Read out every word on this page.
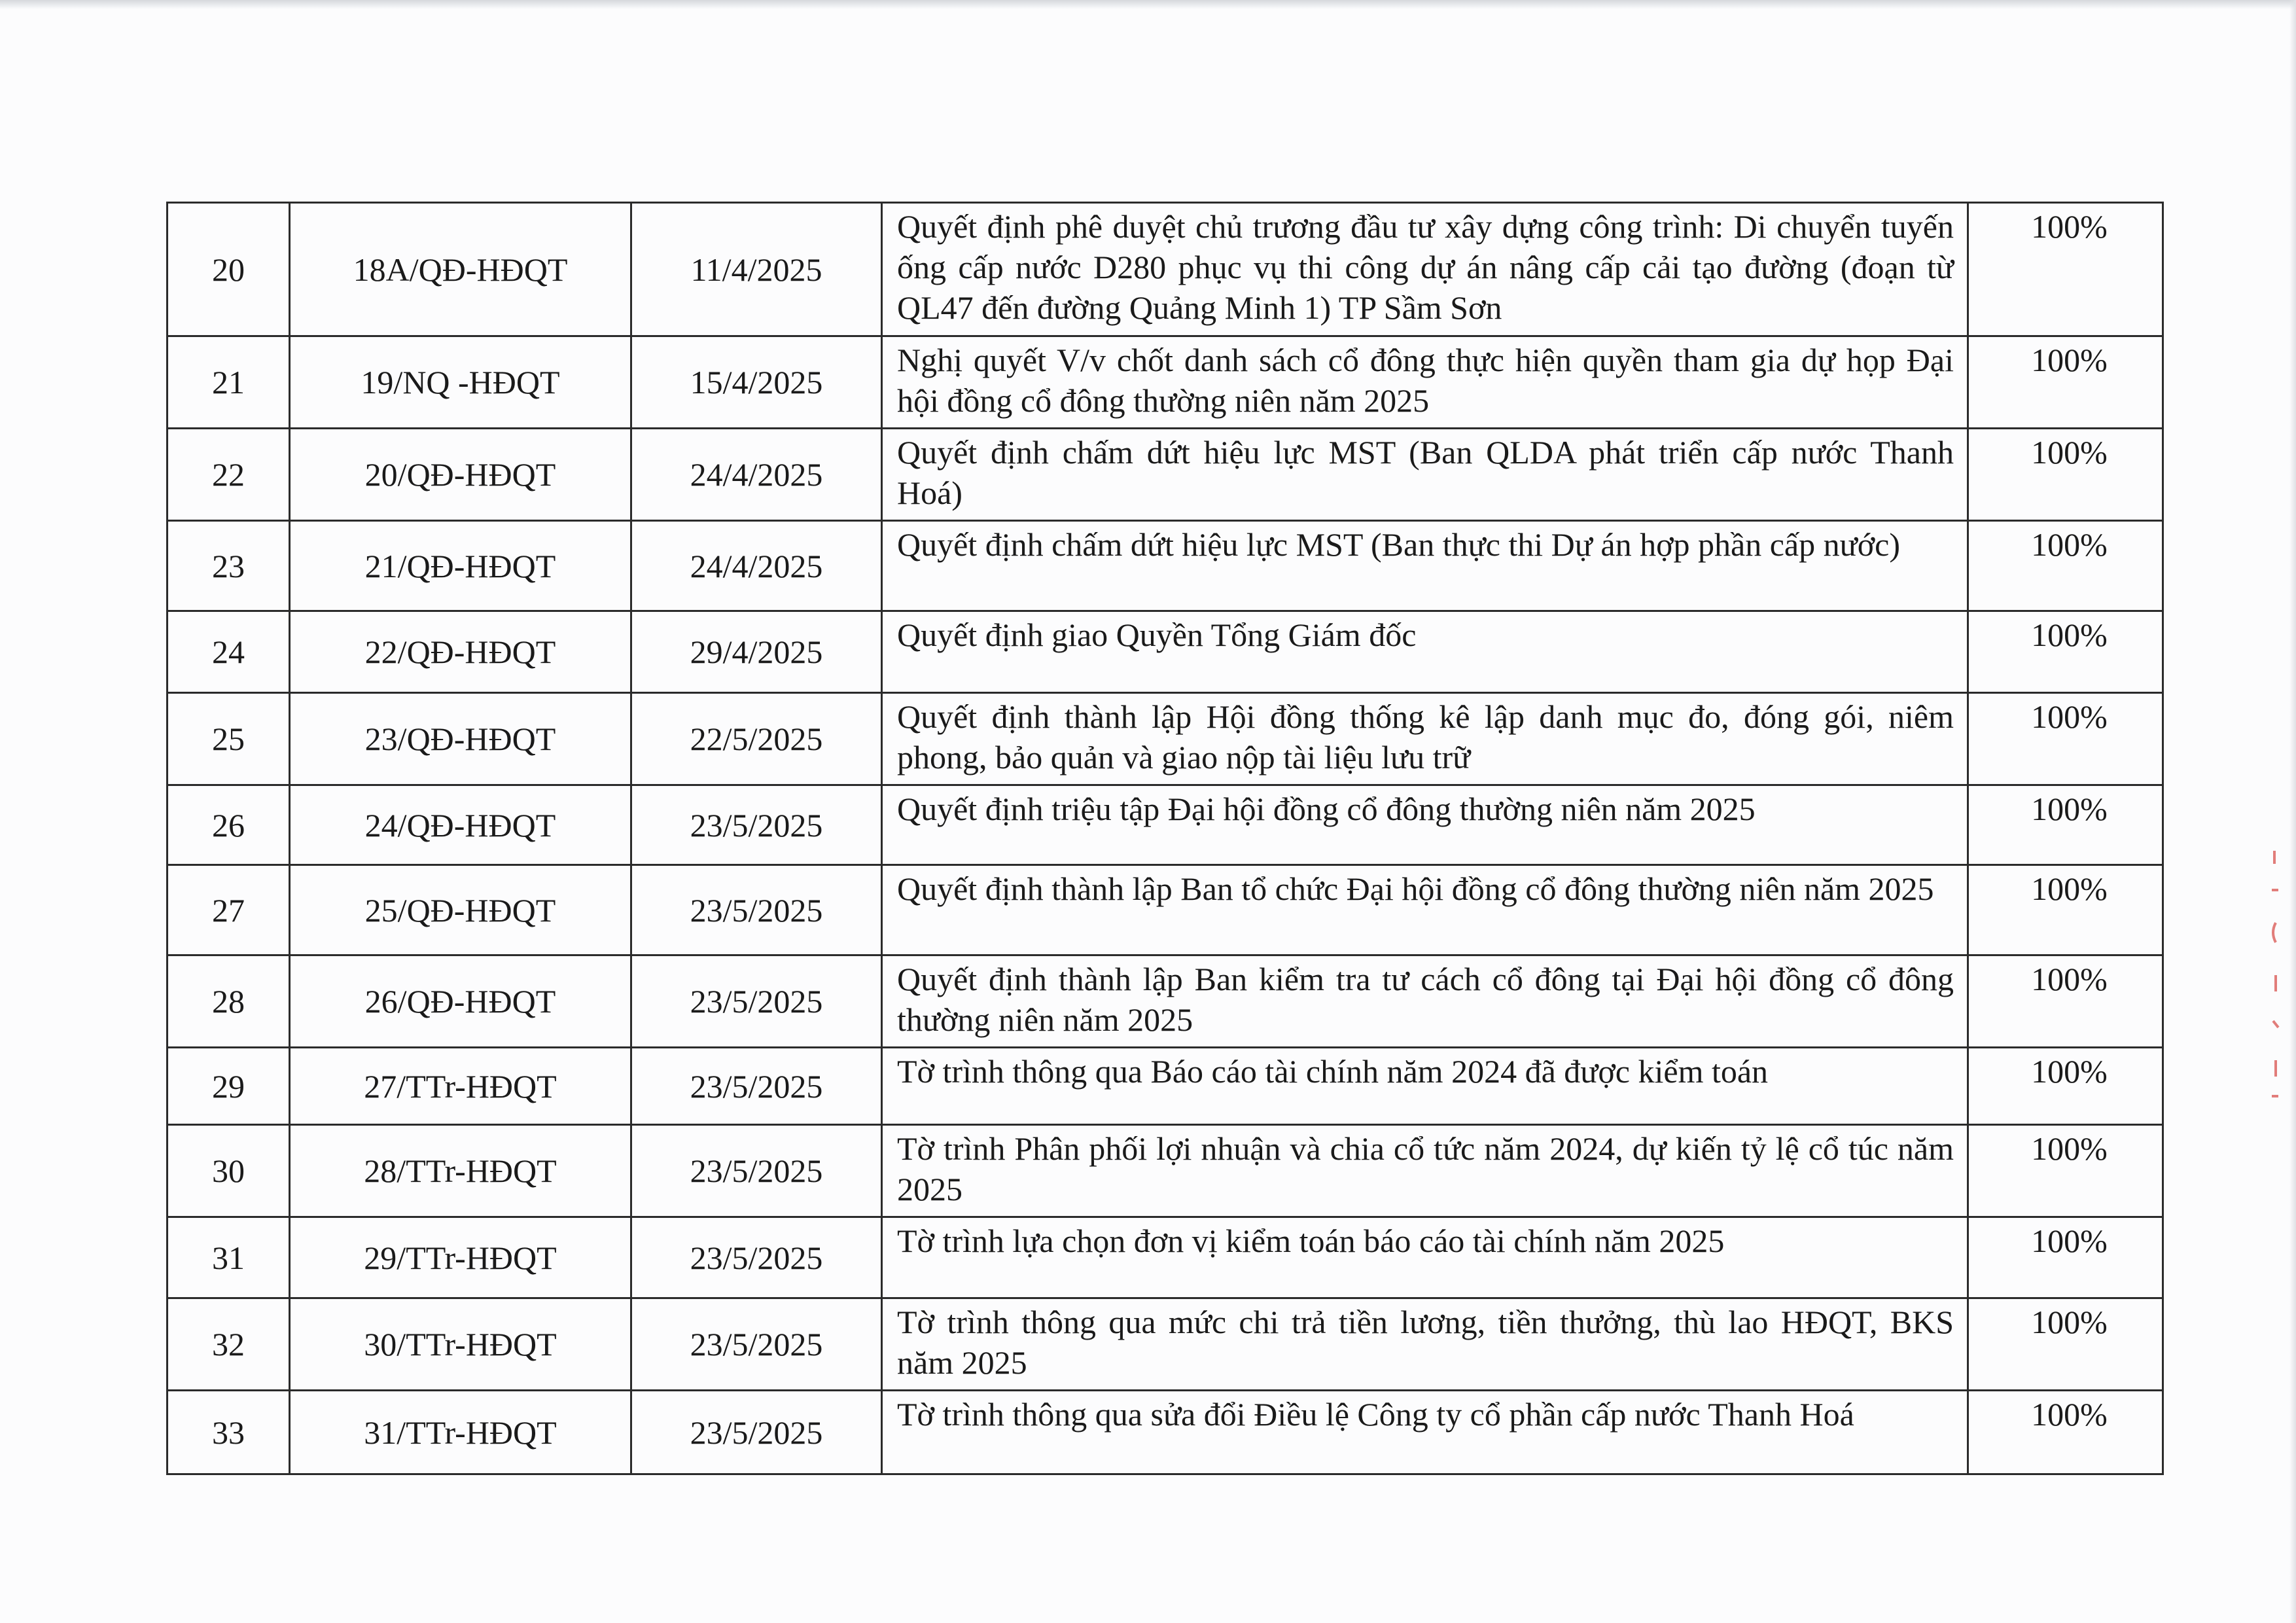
20	18A/QĐ-HĐQT	11/4/2025	Quyết định phê duyệt chủ trương đầu tư xây dựng công trình: Di chuyển tuyến ống cấp nước D280 phục vụ thi công dự án nâng cấp cải tạo đường (đoạn từ QL47 đến đường Quảng Minh 1) TP Sầm Sơn	100%
21	19/NQ -HĐQT	15/4/2025	Nghị quyết V/v chốt danh sách cổ đông thực hiện quyền tham gia dự họp Đại hội đồng cổ đông thường niên năm 2025	100%
22	20/QĐ-HĐQT	24/4/2025	Quyết định chấm dứt hiệu lực MST (Ban QLDA phát triển cấp nước Thanh Hoá)	100%
23	21/QĐ-HĐQT	24/4/2025	Quyết định chấm dứt hiệu lực MST (Ban thực thi Dự án hợp phần cấp nước)	100%
24	22/QĐ-HĐQT	29/4/2025	Quyết định giao Quyền Tổng Giám đốc	100%
25	23/QĐ-HĐQT	22/5/2025	Quyết định thành lập Hội đồng thống kê lập danh mục đo, đóng gói, niêm phong, bảo quản và giao nộp tài liệu lưu trữ	100%
26	24/QĐ-HĐQT	23/5/2025	Quyết định triệu tập Đại hội đồng cổ đông thường niên năm 2025	100%
27	25/QĐ-HĐQT	23/5/2025	Quyết định thành lập Ban tổ chức Đại hội đồng cổ đông thường niên năm 2025	100%
28	26/QĐ-HĐQT	23/5/2025	Quyết định thành lập Ban kiểm tra tư cách cổ đông tại Đại hội đồng cổ đông thường niên năm 2025	100%
29	27/TTr-HĐQT	23/5/2025	Tờ trình thông qua Báo cáo tài chính năm 2024 đã được kiểm toán	100%
30	28/TTr-HĐQT	23/5/2025	Tờ trình Phân phối lợi nhuận và chia cổ tức năm 2024, dự kiến tỷ lệ cổ túc năm 2025	100%
31	29/TTr-HĐQT	23/5/2025	Tờ trình lựa chọn đơn vị kiểm toán báo cáo tài chính năm 2025	100%
32	30/TTr-HĐQT	23/5/2025	Tờ trình thông qua mức chi trả tiền lương, tiền thưởng, thù lao HĐQT, BKS năm 2025	100%
33	31/TTr-HĐQT	23/5/2025	Tờ trình thông qua sửa đổi Điều lệ Công ty cổ phần cấp nước Thanh Hoá	100%
